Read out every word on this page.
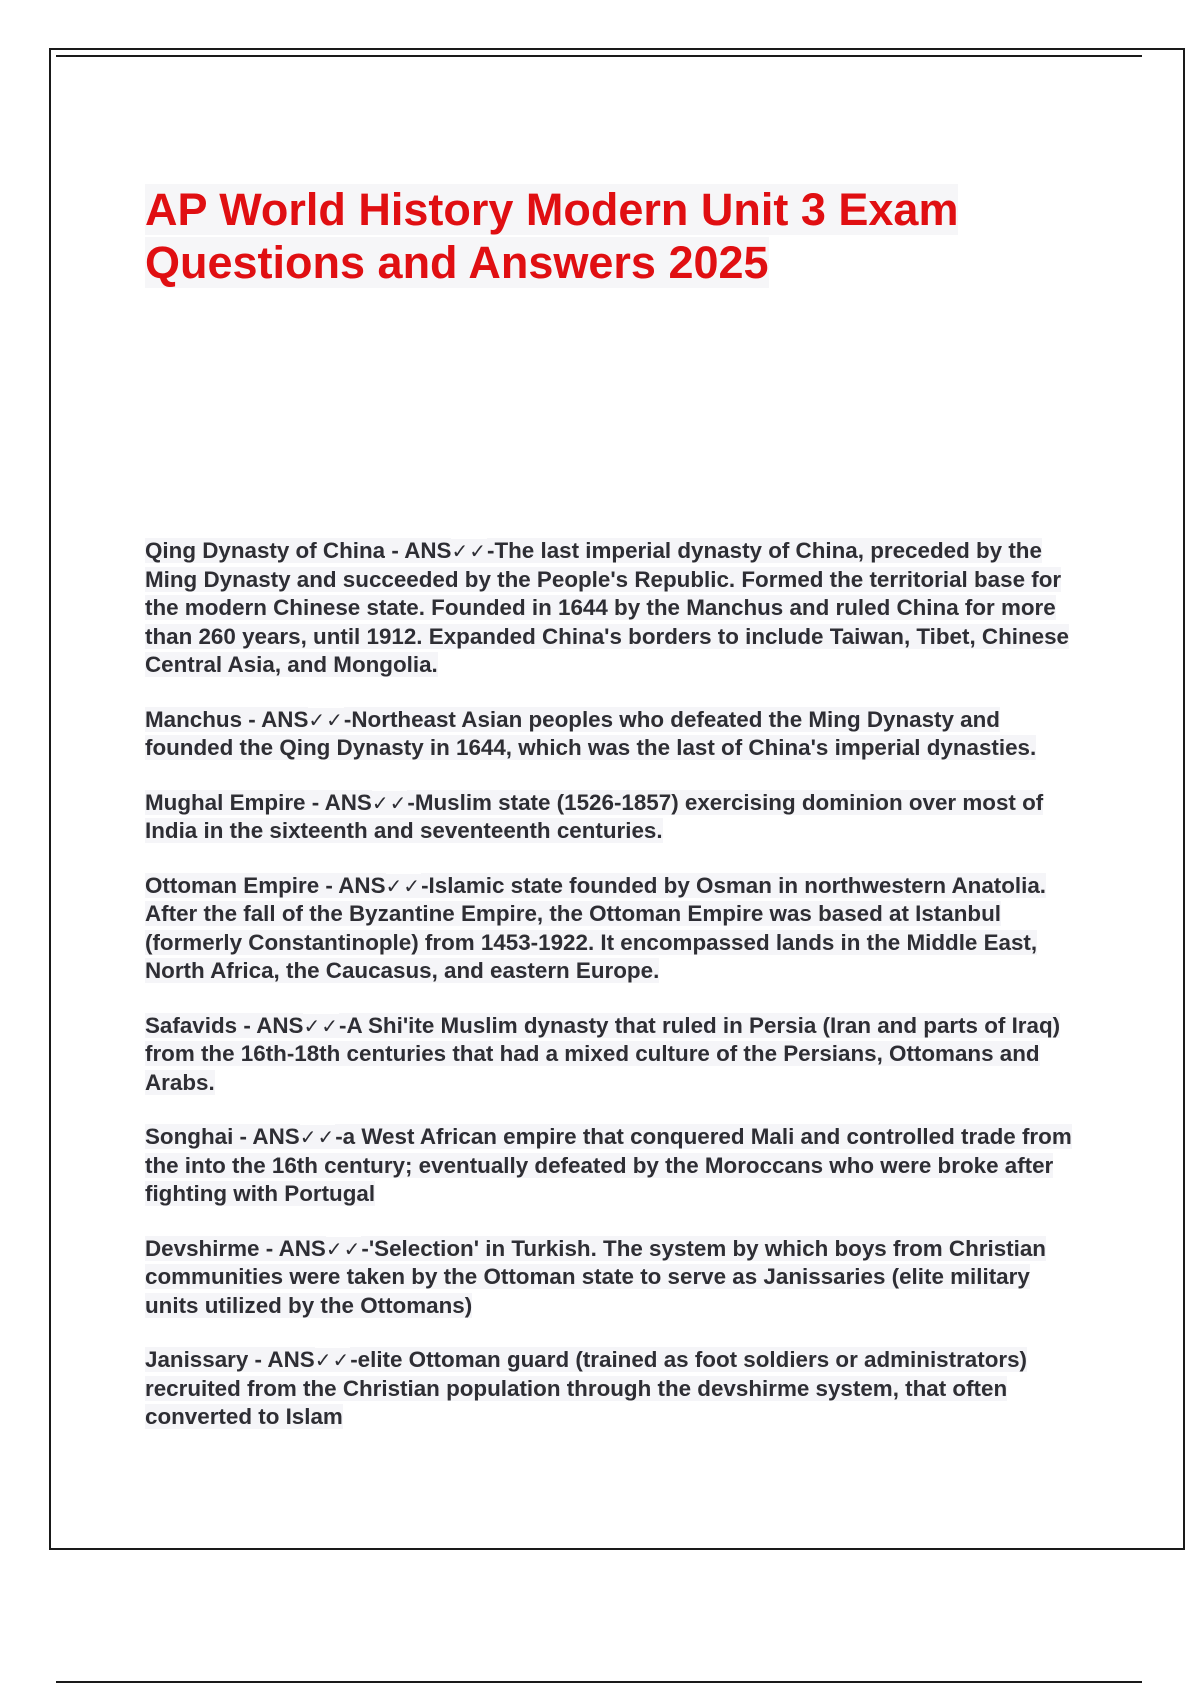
AP World History Modern Unit 3 Exam
Questions and Answers 2025

Qing Dynasty of China - ANS✓✓-The last imperial dynasty of China, preceded by the Ming Dynasty and succeeded by the People's Republic. Formed the territorial base for the modern Chinese state. Founded in 1644 by the Manchus and ruled China for more than 260 years, until 1912. Expanded China's borders to include Taiwan, Tibet, Chinese Central Asia, and Mongolia.

Manchus - ANS✓✓-Northeast Asian peoples who defeated the Ming Dynasty and founded the Qing Dynasty in 1644, which was the last of China's imperial dynasties.

Mughal Empire - ANS✓✓-Muslim state (1526-1857) exercising dominion over most of India in the sixteenth and seventeenth centuries.

Ottoman Empire - ANS✓✓-Islamic state founded by Osman in northwestern Anatolia. After the fall of the Byzantine Empire, the Ottoman Empire was based at Istanbul (formerly Constantinople) from 1453-1922. It encompassed lands in the Middle East, North Africa, the Caucasus, and eastern Europe.

Safavids - ANS✓✓-A Shi'ite Muslim dynasty that ruled in Persia (Iran and parts of Iraq) from the 16th-18th centuries that had a mixed culture of the Persians, Ottomans and Arabs.

Songhai - ANS✓✓-a West African empire that conquered Mali and controlled trade from the into the 16th century; eventually defeated by the Moroccans who were broke after fighting with Portugal

Devshirme - ANS✓✓-'Selection' in Turkish. The system by which boys from Christian communities were taken by the Ottoman state to serve as Janissaries (elite military units utilized by the Ottomans)

Janissary - ANS✓✓-elite Ottoman guard (trained as foot soldiers or administrators) recruited from the Christian population through the devshirme system, that often converted to Islam
